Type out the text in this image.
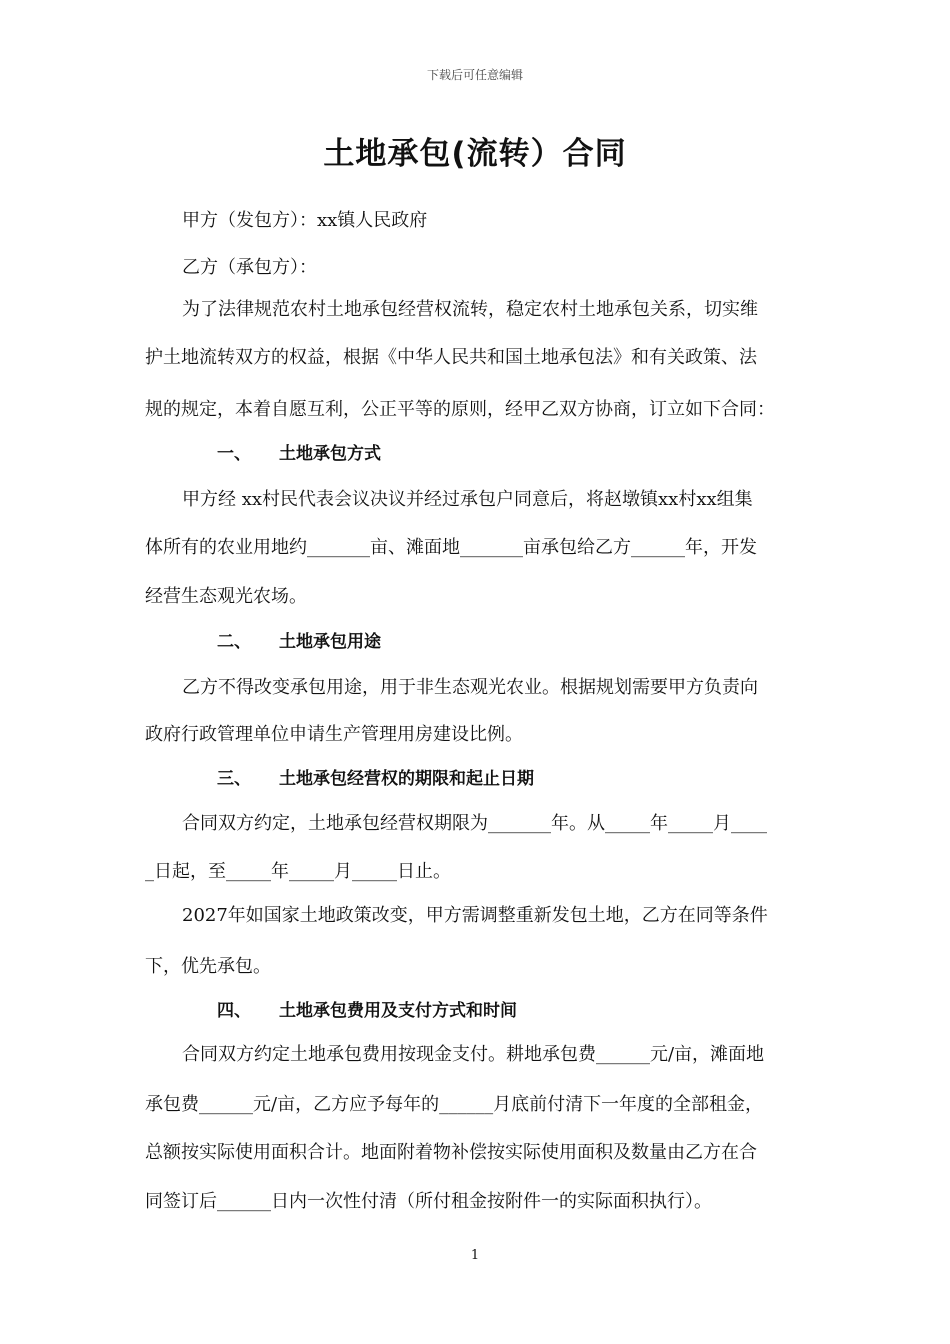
下载后可任意编辑
土地承包(流转）合同
甲方（发包方）：xx镇人民政府
乙方（承包方）：
为了法律规范农村土地承包经营权流转，稳定农村土地承包关系，切实维
护土地流转双方的权益，根据《中华人民共和国土地承包法》和有关政策、法
规的规定，本着自愿互利，公正平等的原则，经甲乙双方协商，订立如下合同：
一、 土地承包方式
甲方经 xx村民代表会议决议并经过承包户同意后，将赵墩镇xx村xx组集
体所有的农业用地约_______亩、滩面地_______亩承包给乙方______年，开发
经营生态观光农场。
二、 土地承包用途
乙方不得改变承包用途，用于非生态观光农业。根据规划需要甲方负责向
政府行政管理单位申请生产管理用房建设比例。
三、 土地承包经营权的期限和起止日期
合同双方约定，土地承包经营权期限为_______年。从_____年_____月____
_日起，至_____年_____月_____日止。
2027年如国家土地政策改变，甲方需调整重新发包土地，乙方在同等条件
下，优先承包。
四、 土地承包费用及支付方式和时间
合同双方约定土地承包费用按现金支付。耕地承包费______元/亩，滩面地
承包费______元/亩，乙方应予每年的______月底前付清下一年度的全部租金，
总额按实际使用面积合计。地面附着物补偿按实际使用面积及数量由乙方在合
同签订后______日内一次性付清（所付租金按附件一的实际面积执行）。
1
